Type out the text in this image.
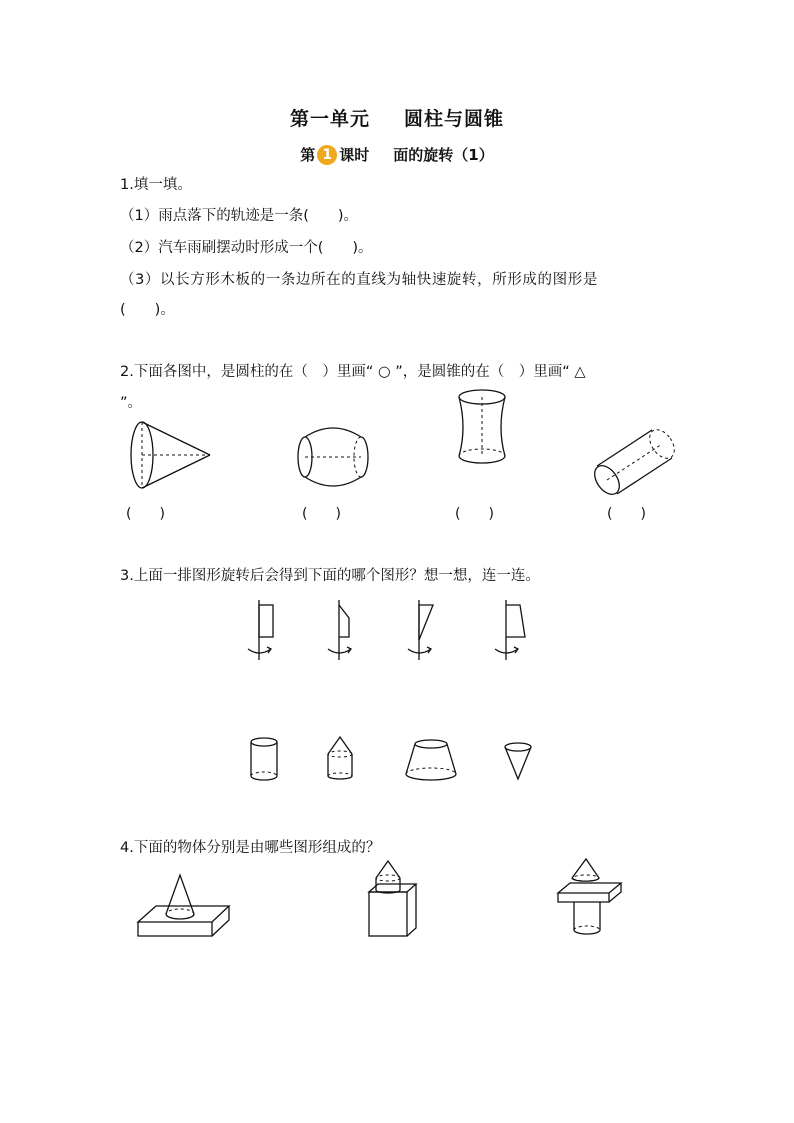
第一单元 圆柱与圆锥
第 1 课时 面的旋转（1）
1.填一填。
（1）雨点落下的轨迹是一条(　　)。
（2）汽车雨刷摆动时形成一个(　　)。
（3）以长方形木板的一条边所在的直线为轴快速旋转，所形成的图形是
(　　)。
2.下面各图中，是圆柱的在（　）里画“ ○ ”，是圆锥的在（　）里画“ △
”。
(　　)	(　　)	(　　)	(　　)
3.上面一排图形旋转后会得到下面的哪个图形？想一想，连一连。
4.下面的物体分别是由哪些图形组成的？
